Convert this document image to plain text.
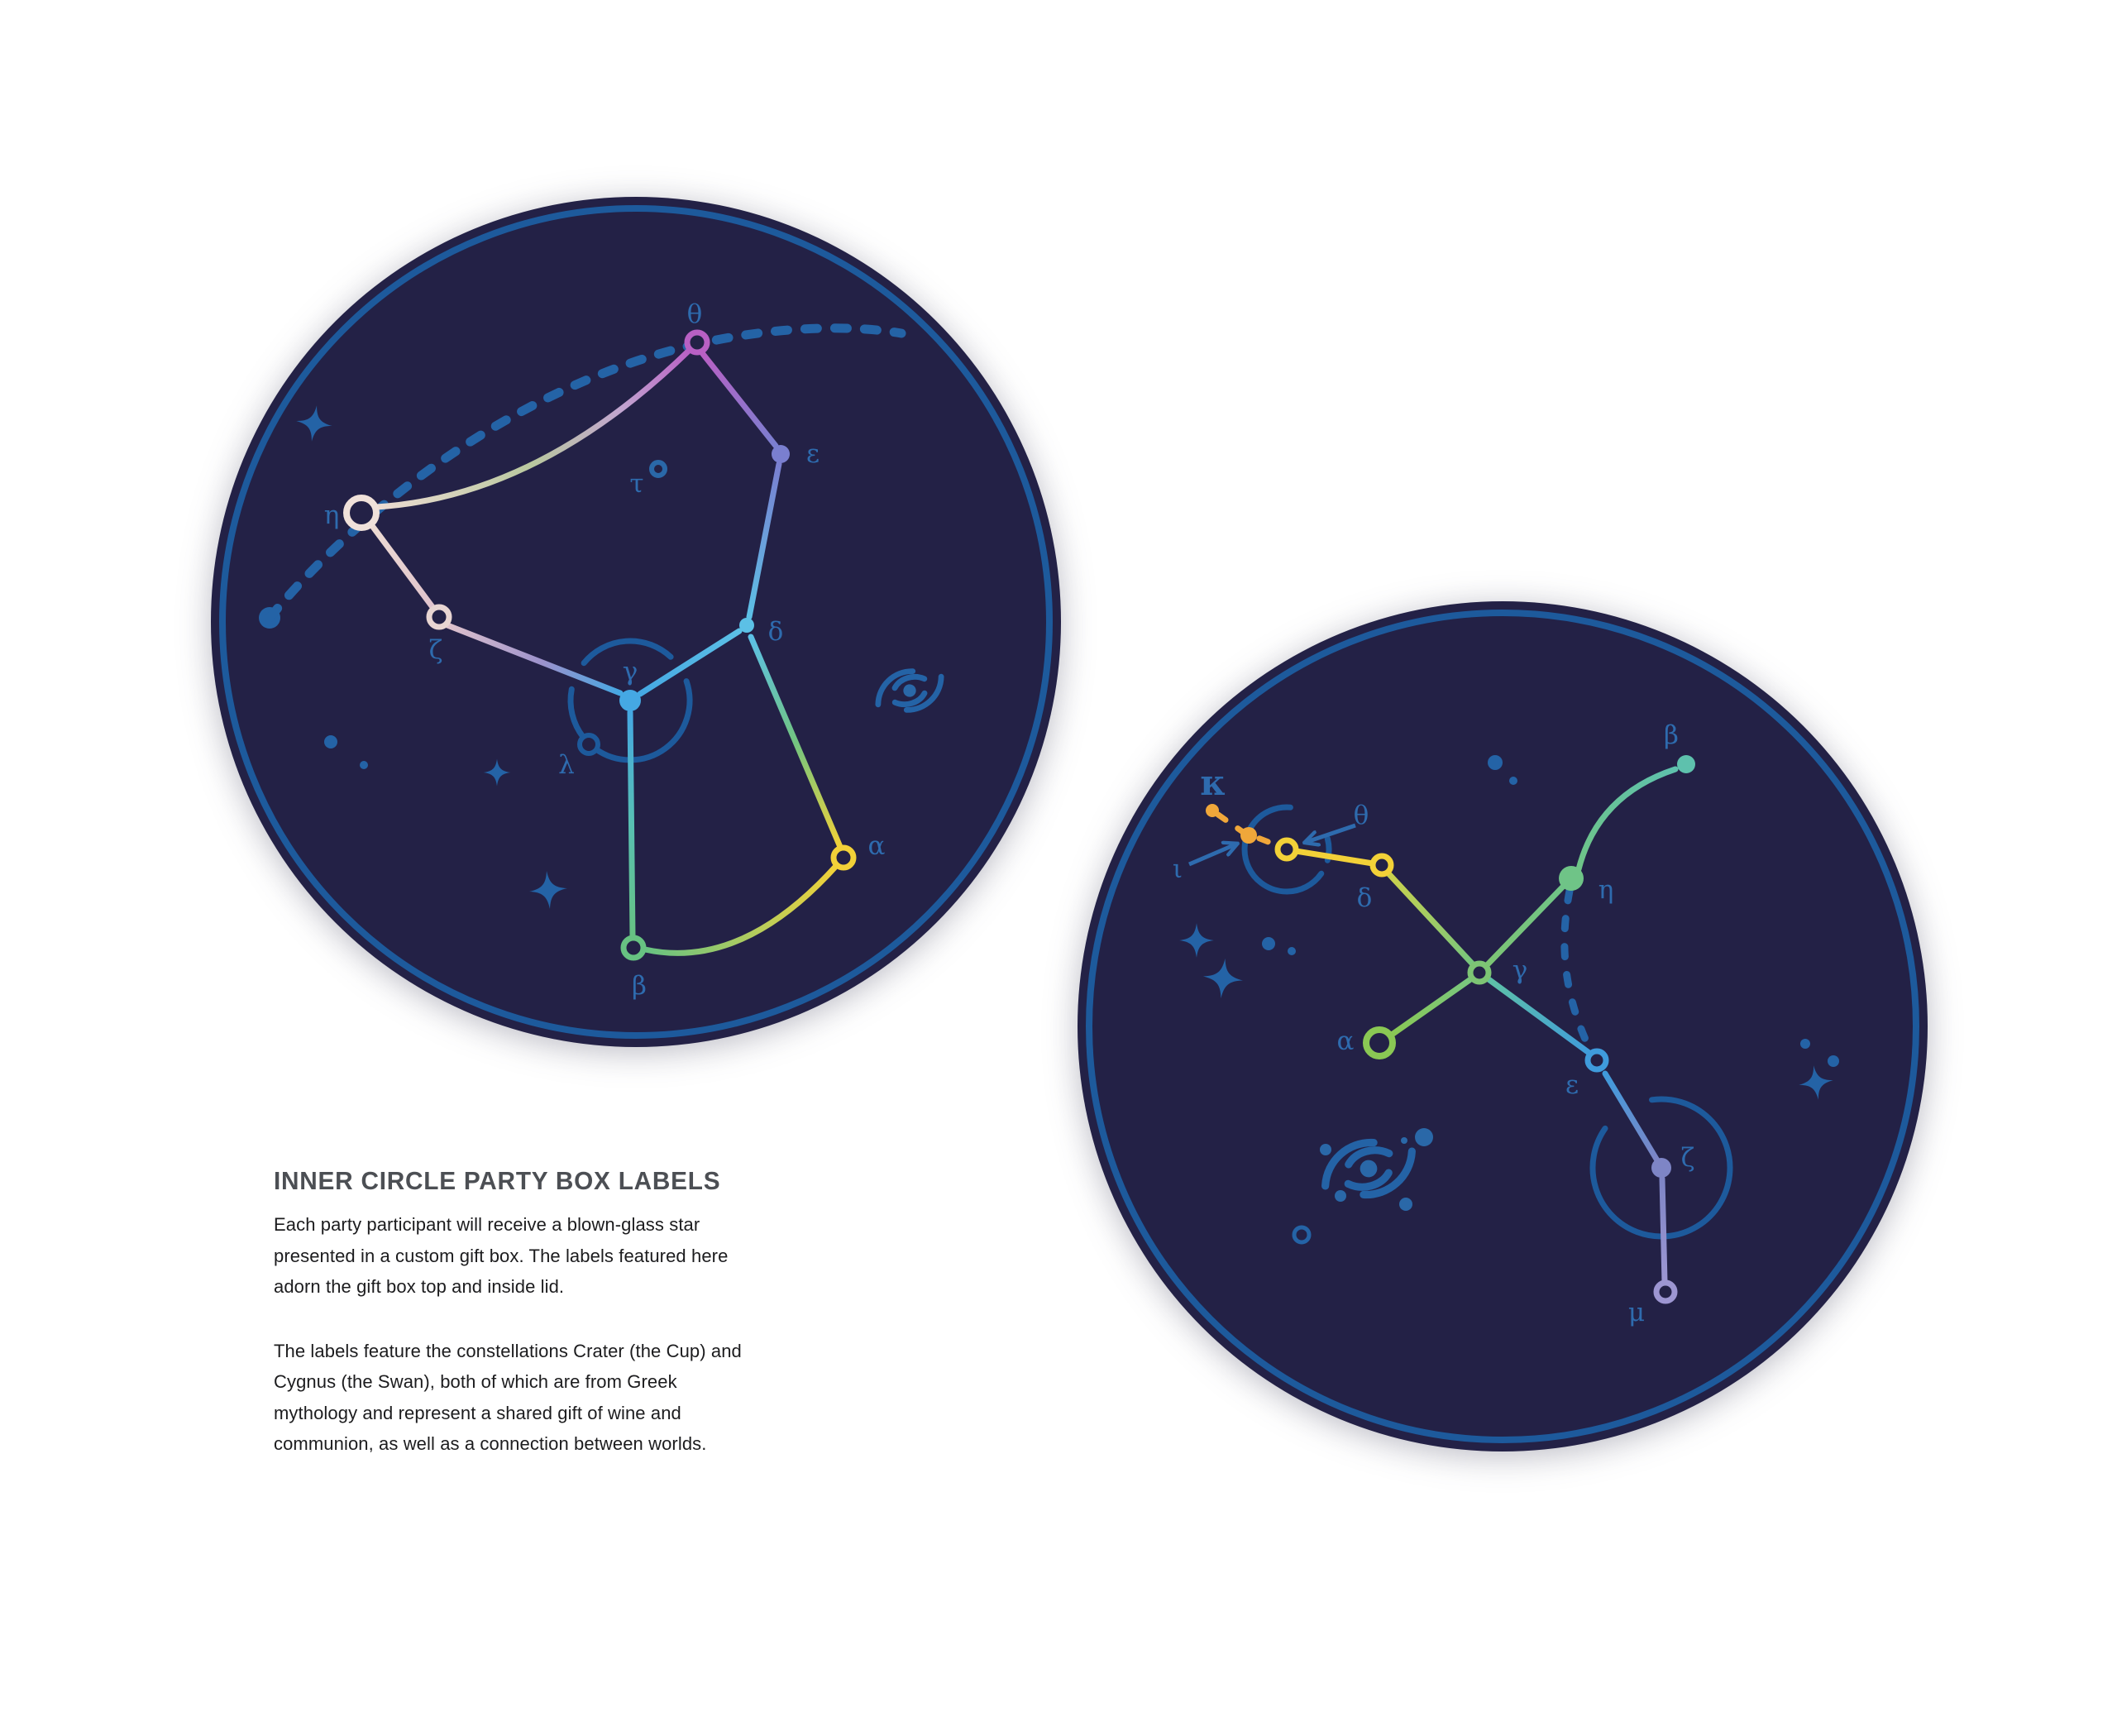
θ
ε
η
τ
ζ
δ
γ
λ
α
β
β
κ
θ
ι
δ	η
γ
α
ε
ζ
μ
INNER CIRCLE PARTY BOX LABELS
Each party participant will receive a blown-glass star
presented in a custom gift box. The labels featured here
adorn the gift box top and inside lid.
The labels feature the constellations Crater (the Cup) and
Cygnus (the Swan), both of which are from Greek
mythology and represent a shared gift of wine and
communion, as well as a connection between worlds.
